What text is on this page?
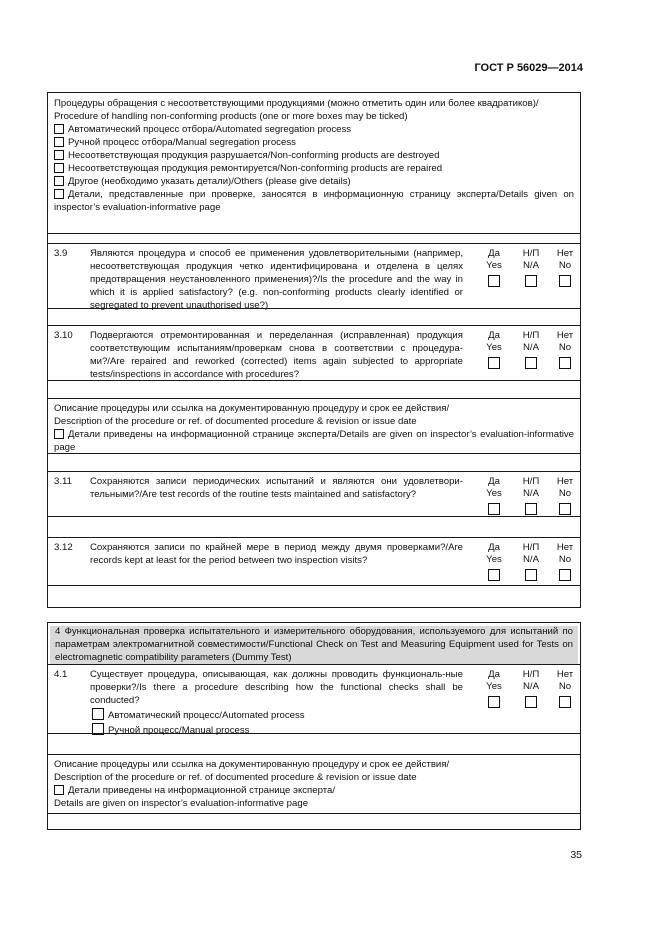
ГОСТ Р 56029—2014
Процедуры обращения с несоответствующими продукциями (можно отметить один или более квадратиков)/
Procedure of handling non-conforming products (one or more boxes may be ticked)
Автоматический процесс отбора/Automated segregation process
Ручной процесс отбора/Manual segregation process
Несоответствующая продукция разрушается/Non-conforming products are destroyed
Несоответствующая продукция ремонтируется/Non-conforming products are repaired
Другое (необходимо указать детали)/Others (please give details)
Детали, представленные при проверке, заносятся в информационную страницу эксперта/Details given on inspector’s evaluation-informative page
3.9 Являются процедура и способ ее применения удовлетворительными (например, несоответствующая продукция четко идентифицирована и отделена в целях предотвращения неустановленного применения)?/Is the procedure and the way in which it is applied satisfactory? (e.g. non-conforming products clearly identified or segregated to prevent unauthorised use?)
Да
Yes

Н/П
N/A

Нет
No

3.10 Подвергаются отремонтированная и переделанная (исправленная) продукция соответствующим испытаниям/проверкам снова в соответствии с процедура-ми?/Are repaired and reworked (corrected) items again subjected to appropriate tests/inspections in accordance with procedures?
Да
Yes

Н/П
N/A

Нет
No

Описание процедуры или ссылка на документированную процедуру и срок ее действия/
Description of the procedure or ref. of documented procedure & revision or issue date
Детали приведены на информационной странице эксперта/Details are given on inspector’s evaluation-informative page
3.11 Сохраняются записи периодических испытаний и являются они удовлетвори-тельными?/Are test records of the routine tests maintained and satisfactory?
Да
Yes

Н/П
N/A

Нет
No

3.12 Сохраняются записи по крайней мере в период между двумя проверками?/Are records kept at least for the period between two inspection visits?
Да
Yes

Н/П
N/A

Нет
No

4 Функциональная проверка испытательного и измерительного оборудования, используемого для испытаний по параметрам электромагнитной совместимости/Functional Check on Test and Measuring Equipment used for Tests on electromagnetic compatibility parameters (Dummy Test)
4.1 Существует процедура, описывающая, как должны проводить функциональ-ные проверки?/Is there a procedure describing how the functional checks shall be conducted?
Автоматический процесс/Automated process
Ручной процесс/Manual process
Да
Yes

Н/П
N/A

Нет
No

Описание процедуры или ссылка на документированную процедуру и срок ее действия/
Description of the procedure or ref. of documented procedure & revision or issue date
Детали приведены на информационной странице эксперта/
Details are given on inspector’s evaluation-informative page
35
